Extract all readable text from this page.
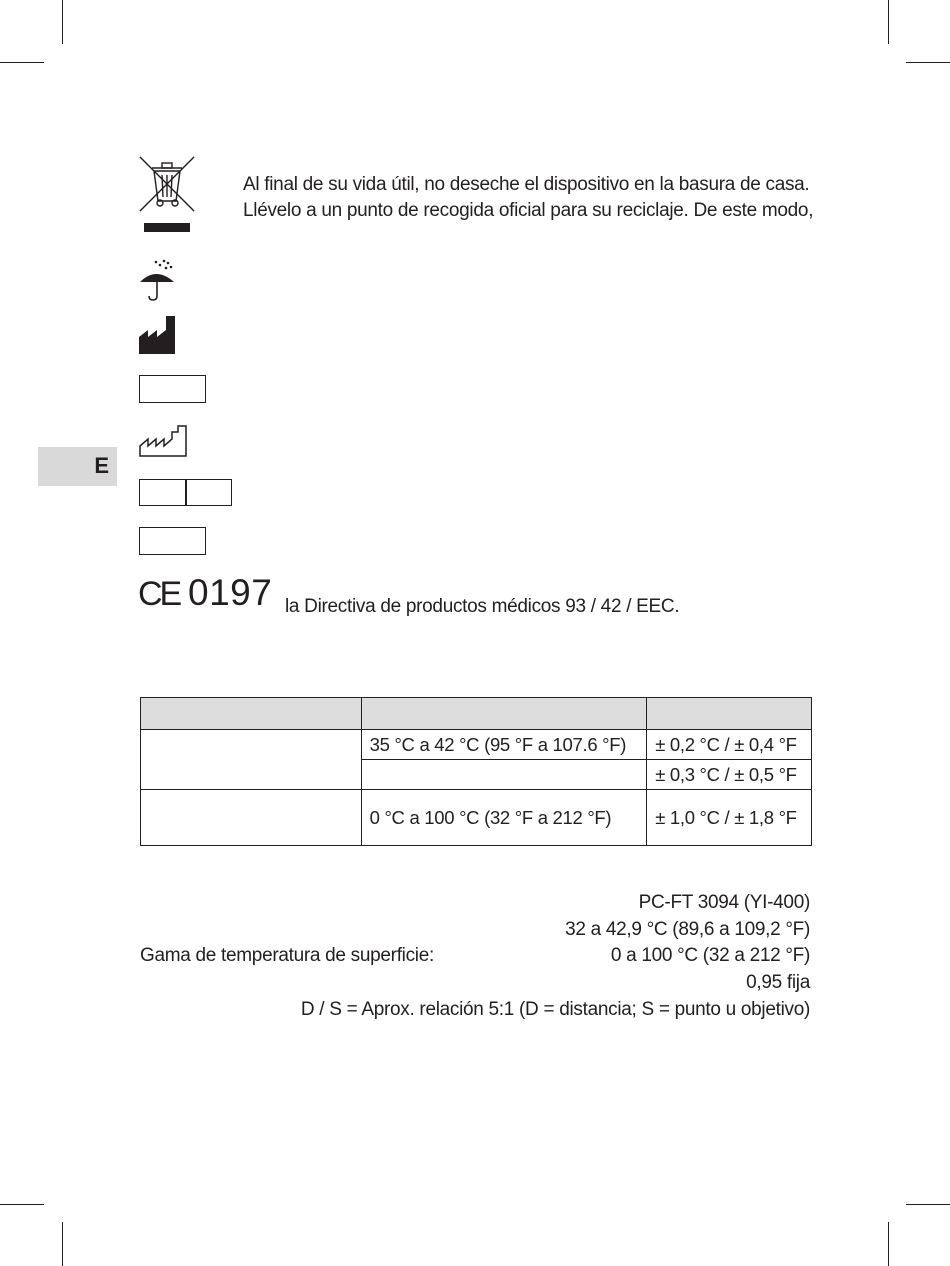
E
Al final de su vida útil, no deseche el dispositivo en la basura de casa.
Llévelo a un punto de recogida oficial para su reciclaje. De este modo,
CE 0197 la Directiva de productos médicos 93 / 42 / EEC.

	35 °C a 42 °C (95 °F a 107.6 °F)	± 0,2 °C / ± 0,4 °F
		± 0,3 °C / ± 0,5 °F
	0 °C a 100 °C (32 °F a 212 °F)	± 1,0 °C / ± 1,8 °F
PC-FT 3094 (YI-400)
32 a 42,9 °C (89,6 a 109,2 °F)
Gama de temperatura de superficie:	0 a 100 °C (32 a 212 °F)
0,95 fija
D / S = Aprox. relación 5:1 (D = distancia; S = punto u objetivo)
